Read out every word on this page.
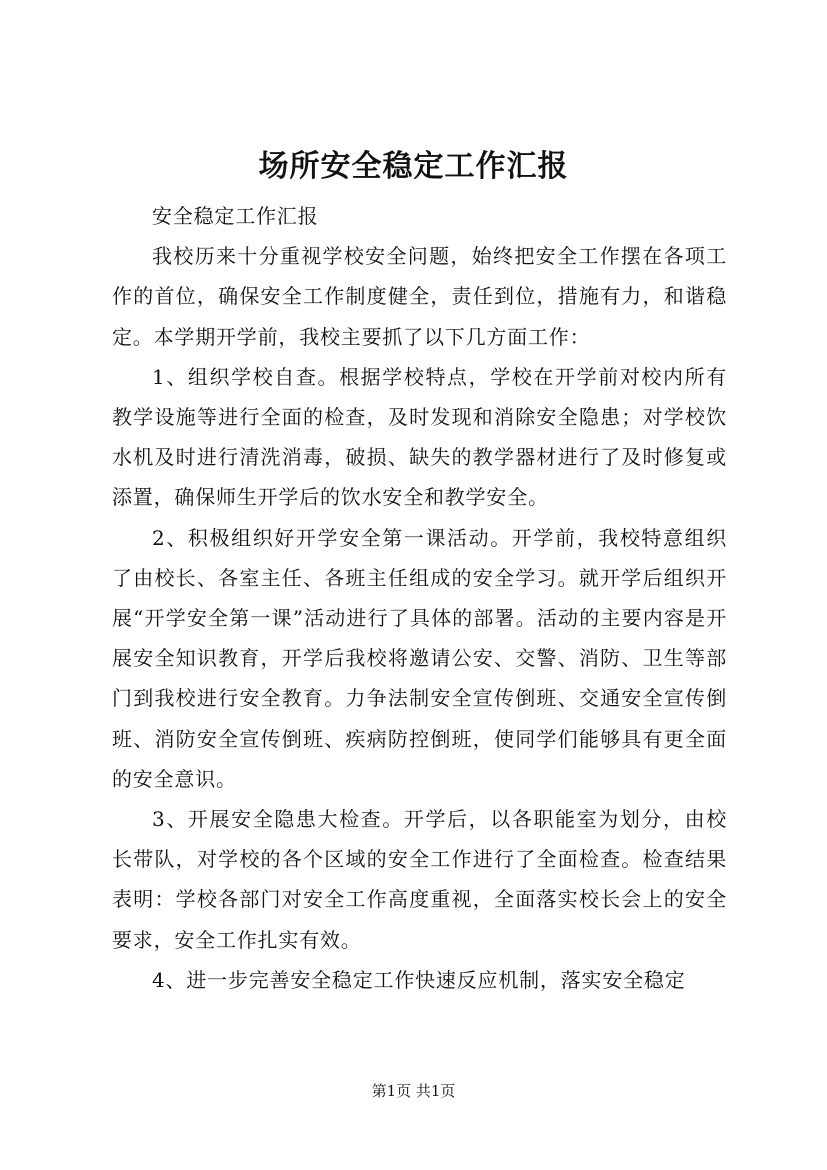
场所安全稳定工作汇报

安全稳定工作汇报

我校历来十分重视学校安全问题，始终把安全工作摆在各项工作的首位，确保安全工作制度健全，责任到位，措施有力，和谐稳定。本学期开学前，我校主要抓了以下几方面工作：

1、组织学校自查。根据学校特点，学校在开学前对校内所有教学设施等进行全面的检查，及时发现和消除安全隐患；对学校饮水机及时进行清洗消毒，破损、缺失的教学器材进行了及时修复或添置，确保师生开学后的饮水安全和教学安全。

2、积极组织好开学安全第一课活动。开学前，我校特意组织了由校长、各室主任、各班主任组成的安全学习。就开学后组织开展“开学安全第一课”活动进行了具体的部署。活动的主要内容是开展安全知识教育，开学后我校将邀请公安、交警、消防、卫生等部门到我校进行安全教育。力争法制安全宣传倒班、交通安全宣传倒班、消防安全宣传倒班、疾病防控倒班，使同学们能够具有更全面的安全意识。

3、开展安全隐患大检查。开学后，以各职能室为划分，由校长带队，对学校的各个区域的安全工作进行了全面检查。检查结果表明：学校各部门对安全工作高度重视，全面落实校长会上的安全要求，安全工作扎实有效。

4、进一步完善安全稳定工作快速反应机制，落实安全稳定

第1页 共1页
